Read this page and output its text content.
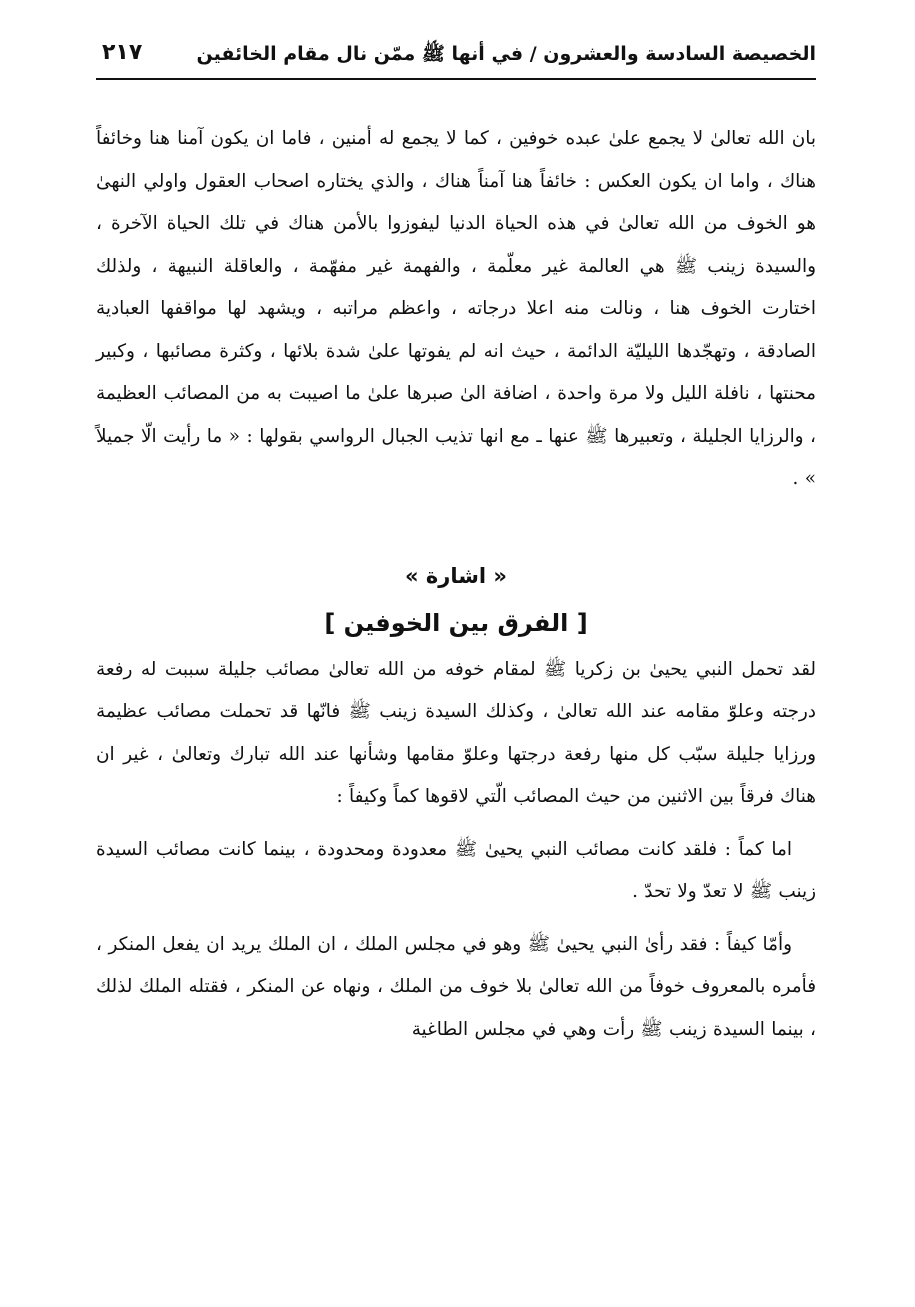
الخصيصة السادسة والعشرون / في أنها ﷺ ممّن نال مقام الخائفين
٢١٧

بان الله تعالىٰ لا يجمع علىٰ عبده خوفين ، كما لا يجمع له أمنين ، فاما ان يكون آمنا هنا وخائفاً هناك ، واما ان يكون العكس : خائفاً هنا آمناً هناك ، والذي يختاره اصحاب العقول واولي النهىٰ هو الخوف من الله تعالىٰ في هذه الحياة الدنيا ليفوزوا بالأمن هناك في تلك الحياة الآخرة ، والسيدة زينب ﷺ هي العالمة غير معلّمة ، والفهمة غير مفهّمة ، والعاقلة النبيهة ، ولذلك اختارت الخوف هنا ، ونالت منه اعلا درجاته ، واعظم مراتبه ، ويشهد لها مواقفها العبادية الصادقة ، وتهجّدها الليليّة الدائمة ، حيث انه لم يفوتها علىٰ شدة بلائها ، وكثرة مصائبها ، وكبير محنتها ، نافلة الليل ولا مرة واحدة ، اضافة الىٰ صبرها علىٰ ما اصيبت به من المصائب العظيمة ، والرزايا الجليلة ، وتعبيرها ﷺ عنها ـ مع انها تذيب الجبال الرواسي بقولها : « ما رأيت الّا جميلاً » .

« اشارة »
[ الفرق بين الخوفين ]

لقد تحمل النبي يحيىٰ بن زكريا ﷺ لمقام خوفه من الله تعالىٰ مصائب جليلة سببت له رفعة درجته وعلوّ مقامه عند الله تعالىٰ ، وكذلك السيدة زينب ﷺ فانّها قد تحملت مصائب عظيمة ورزايا جليلة سبّب كل منها رفعة درجتها وعلوّ مقامها وشأنها عند الله تبارك وتعالىٰ ، غير ان هناك فرقاً بين الاثنين من حيث المصائب الّتي لاقوها كماً وكيفاً :

اما كماً : فلقد كانت مصائب النبي يحيىٰ ﷺ معدودة ومحدودة ، بينما كانت مصائب السيدة زينب ﷺ لا تعدّ ولا تحدّ .

وأمّا كيفاً : فقد رأىٰ النبي يحيىٰ ﷺ وهو في مجلس الملك ، ان الملك يريد ان يفعل المنكر ، فأمره بالمعروف خوفاً من الله تعالىٰ بلا خوف من الملك ، ونهاه عن المنكر ، فقتله الملك لذلك ، بينما السيدة زينب ﷺ رأت وهي في مجلس الطاغية
